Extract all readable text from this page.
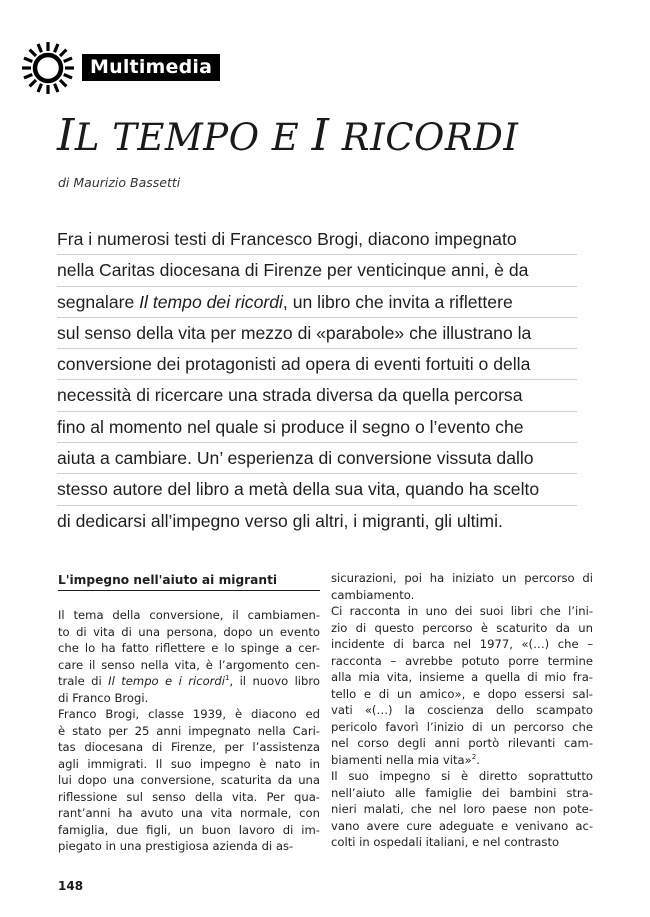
Multimedia
IL TEMPO E I RICORDI
di Maurizio Bassetti
Fra i numerosi testi di Francesco Brogi, diacono impegnato
nella Caritas diocesana di Firenze per venticinque anni, è da
segnalare Il tempo dei ricordi, un libro che invita a riflettere
sul senso della vita per mezzo di «parabole» che illustrano la
conversione dei protagonisti ad opera di eventi fortuiti o della
necessità di ricercare una strada diversa da quella percorsa
fino al momento nel quale si produce il segno o l’evento che
aiuta a cambiare. Un’ esperienza di conversione vissuta dallo
stesso autore del libro a metà della sua vita, quando ha scelto
di dedicarsi all’impegno verso gli altri, i migranti, gli ultimi.
L'impegno nell'aiuto ai migranti
Il tema della conversione, il cambiamen-
to di vita di una persona, dopo un evento
che lo ha fatto riflettere e lo spinge a cer-
care il senso nella vita, è l’argomento cen-
trale di Il tempo e i ricordi$^1$, il nuovo libro
di Franco Brogi.
Franco Brogi, classe 1939, è diacono ed
è stato per 25 anni impegnato nella Cari-
tas diocesana di Firenze, per l’assistenza
agli immigrati. Il suo impegno è nato in
lui dopo una conversione, scaturita da una
riflessione sul senso della vita. Per qua-
rant’anni ha avuto una vita normale, con
famiglia, due figli, un buon lavoro di im-
piegato in una prestigiosa azienda di as-
sicurazioni, poi ha iniziato un percorso di
cambiamento.
Ci racconta in uno dei suoi libri che l’ini-
zio di questo percorso è scaturito da un
incidente di barca nel 1977, «(…) che –
racconta – avrebbe potuto porre termine
alla mia vita, insieme a quella di mio fra-
tello e di un amico», e dopo essersi sal-
vati «(…) la coscienza dello scampato
pericolo favorì l’inizio di un percorso che
nel corso degli anni portò rilevanti cam-
biamenti nella mia vita»$^2$.
Il suo impegno si è diretto soprattutto
nell’aiuto alle famiglie dei bambini stra-
nieri malati, che nel loro paese non pote-
vano avere cure adeguate e venivano ac-
colti in ospedali italiani, e nel contrasto
148
